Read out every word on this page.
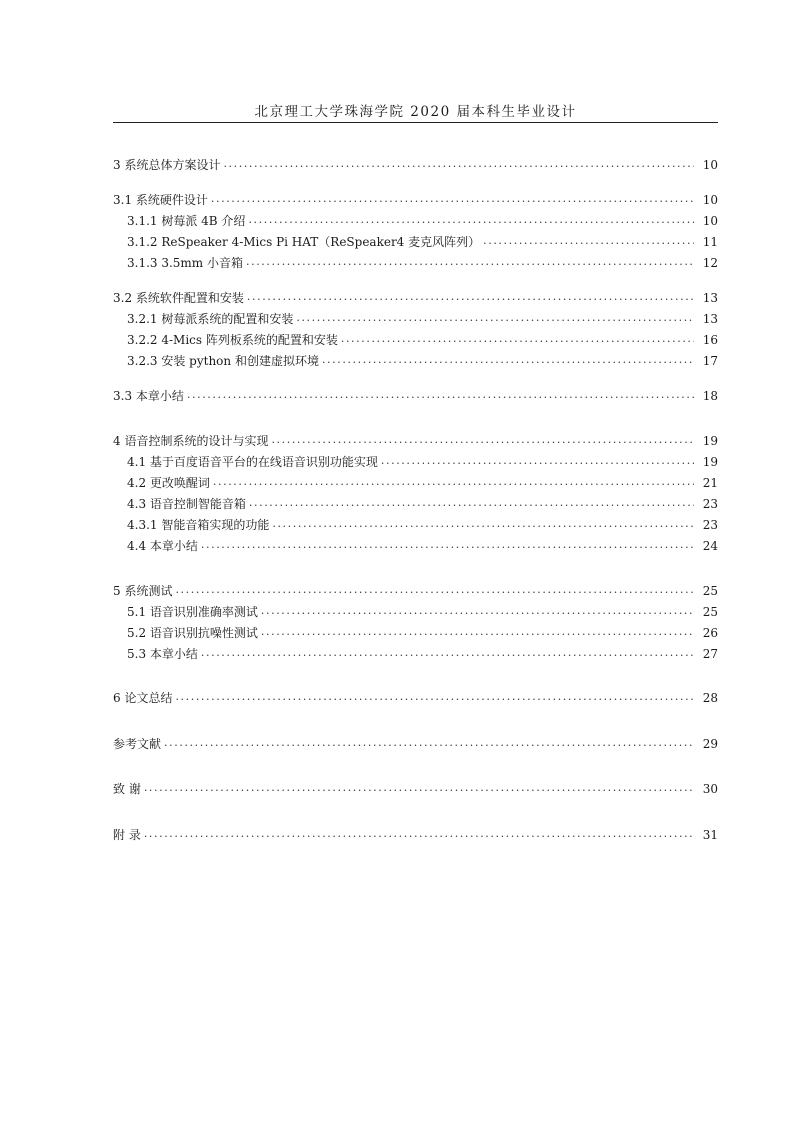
北京理工大学珠海学院 2020 届本科生毕业设计
3 系统总体方案设计 .....	10
3.1 系统硬件设计 .....	10
3.1.1 树莓派 4B 介绍 .....	10
3.1.2 ReSpeaker 4-Mics Pi HAT（ReSpeaker4 麦克风阵列） .....	11
3.1.3 3.5mm 小音箱 .....	12
3.2 系统软件配置和安装 .....	13
3.2.1 树莓派系统的配置和安装 .....	13
3.2.2 4-Mics 阵列板系统的配置和安装 .....	16
3.2.3 安装 python 和创建虚拟环境 .....	17
3.3 本章小结 .....	18
4 语音控制系统的设计与实现 .....	19
4.1 基于百度语音平台的在线语音识别功能实现 .....	19
4.2 更改唤醒词 .....	21
4.3 语音控制智能音箱 .....	23
4.3.1 智能音箱实现的功能 .....	23
4.4 本章小结 .....	24
5 系统测试 .....	25
5.1 语音识别准确率测试 .....	25
5.2 语音识别抗噪性测试 .....	26
5.3 本章小结 .....	27
6 论文总结 .....	28
参考文献 .....	29
致 谢 .....	30
附 录 .....	31
